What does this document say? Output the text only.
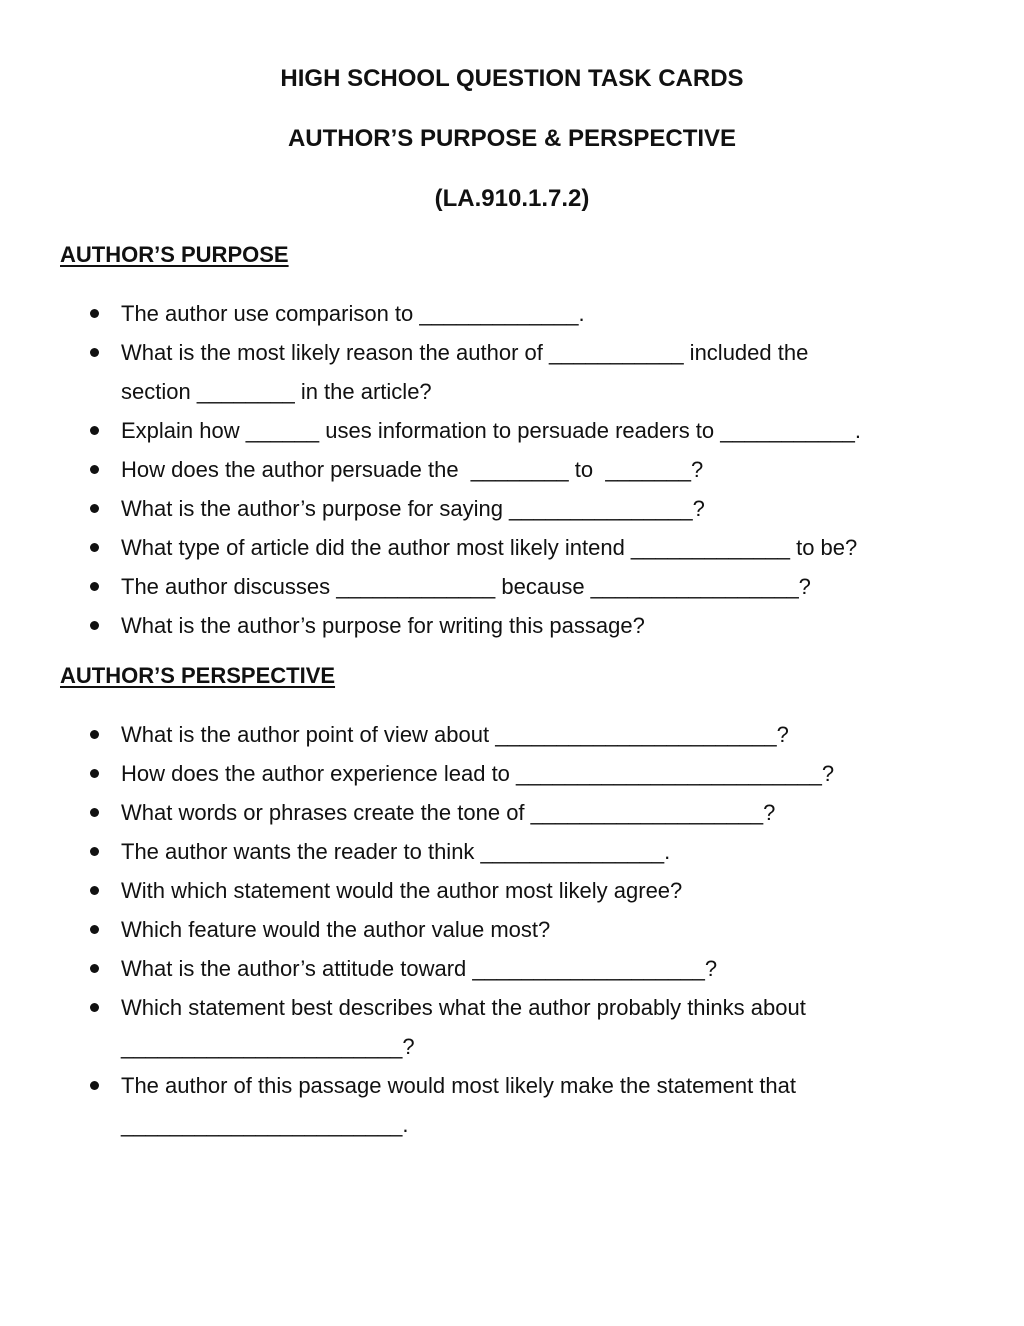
HIGH SCHOOL QUESTION TASK CARDS
AUTHOR’S PURPOSE & PERSPECTIVE
(LA.910.1.7.2)
AUTHOR’S PURPOSE
The author use comparison to _____________.
What is the most likely reason the author of ___________ included the
section ________ in the article?
Explain how ______ uses information to persuade readers to ___________.
How does the author persuade the  ________ to  _______?
What is the author’s purpose for saying _______________?
What type of article did the author most likely intend _____________ to be?
The author discusses _____________ because _________________?
What is the author’s purpose for writing this passage?
AUTHOR’S PERSPECTIVE
What is the author point of view about _______________________?
How does the author experience lead to _________________________?
What words or phrases create the tone of ___________________?
The author wants the reader to think _______________.
With which statement would the author most likely agree?
Which feature would the author value most?
What is the author’s attitude toward ___________________?
Which statement best describes what the author probably thinks about
_______________________?
The author of this passage would most likely make the statement that
_______________________.
